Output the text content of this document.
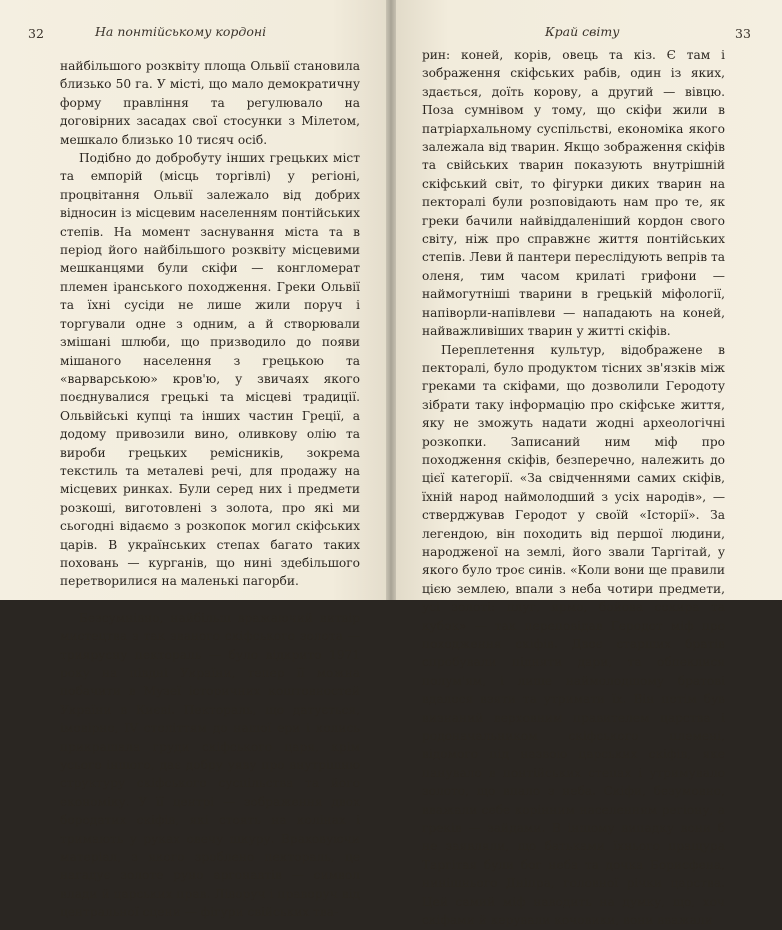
32	На понтійському кордоні

найбільшого розквіту площа Ольвії становила близько 50 га. У місті, що мало демократичну форму правління та регулювало на договірних засадах свої стосунки з Мілетом, мешкало близько 10 тисяч осіб.

Подібно до добробуту інших грецьких міст та емпорій (місць торгівлі) у регіоні, процвітання Ольвії залежало від добрих відносин із місцевим населенням понтійських степів. На момент заснування міста та в період його найбільшого розквіту місцевими мешканцями були скіфи — конгломерат племен іранського походження. Греки Ольвії та їхні сусіди не лише жили поруч і торгували одне з одним, а й створювали змішані шлюби, що призводило до появи мішаного населення з грецькою та «варварською» кров'ю, у звичаях якого поєднувалися грецькі та місцеві традиції. Ольвійські купці та інших частин Греції, а додому привозили вино, оливкову олію та вироби грецьких ремісників, зокрема текстиль та металеві речі, для продажу на місцевих ринках. Були серед них і предмети розкоші, виготовлені з золота, про які ми сьогодні відаємо з розкопок могил скіфських царів. В українських степах багато таких поховань — курганів, що нині здебільшого перетворилися на маленькі пагорби.

Безсумнівно, найбільш вражаючий витвір мистецтва з так званого скіфського золота — триярусну пектораль — було відкрито 1971 року на півдні України, тепер її можна побачити в Музеї історичних коштовностей України в Києві. Пектораль, що датується, імовірно, IV століттям до нашої ери і колись прикрашала груди скіфського царя, крім усього іншого, дає добру уяву про внутрішню структуру скіфського суспільства та його економіку. У її центрі — зображення двох бородатих скіфів, які стоять на колінах і тримають у руках овечу шкуру. Враховуючи матеріал, з якого зроблено пектораль, це нагадує золоте руно аргонавтів — символ влади й царських прав. Ліворуч і праворуч від центральної сцени — фігури свійських тва-

Край світу	33

рин: коней, корів, овець та кіз. Є там і зображення скіфських рабів, один із яких, здається, доїть корову, а другий — вівцю. Поза сумнівом у тому, що скіфи жили в патріархальному суспільстві, економіка якого залежала від тварин. Якщо зображення скіфів та свійських тварин показують внутрішній скіфський світ, то фігурки диких тварин на пекторалі були розповідають нам про те, як греки бачили найвіддаленіший кордон свого світу, ніж про справжнє життя понтійських степів. Леви й пантери переслідують вепрів та оленя, тим часом крилаті грифони — наймогутніші тварини в грецькій міфології, напіворли-напівлеви — нападають на коней, найважливіших тварин у житті скіфів.

Переплетення культур, відображене в пекторалі, було продуктом тісних зв'язків між греками та скіфами, що дозволили Геродоту зібрати таку інформацію про скіфське життя, яку не зможуть надати жодні археологічні розкопки. Записаний ним міф про походження скіфів, безперечно, належить до цієї категорії. «За свідченнями самих скіфів, їхній народ наймолодший з усіх народів», — стверджував Геродот у своїй «Історії». За легендою, він походить від першої людини, народженої на землі, його звали Таргітай, у якого було троє синів. «Коли вони ще правили цією землею, впали з неба чотири предмети, усі золоті: плуг, ярмо, бойова сокира та кубок» — так переповідав Геродот міф про походження скіфів. Двоє старших братів спробували підняти дари, та обпеклися полум'ям, і лише наймолодшому братові вдалося взяти та утримати їх. Він потім був визнаний верховним правителем царства і родоначальником скіфського племені, відомого під назвою царських скіфів, яке панувало в понтійських степах і утримувало золото, що впало з неба. Скіфи, безумовно, вважали себе корінним населенням регіону, а греків — зайдами. В іншому випадку вони б не заявляли, що батьками їхнього пращура Таргітая були бог неба та дочка Борисфена, нинішнього Дніпра, головної річки царства. Цей самий міф наводить на думку, що, хоч скіфами й керували кочовики, вони вважали
